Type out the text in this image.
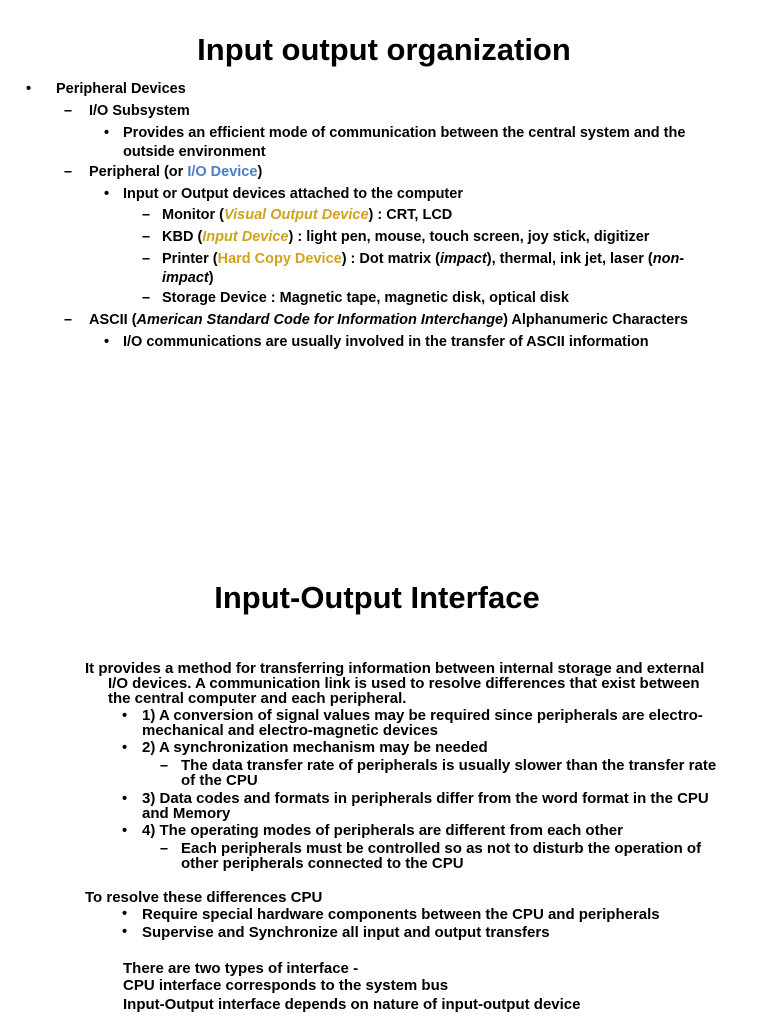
Input output organization
• Peripheral Devices
– I/O Subsystem
• Provides an efficient mode of communication between the central system and the
outside environment
– Peripheral (or I/O Device)
• Input or Output devices attached to the computer
– Monitor (Visual Output Device) : CRT, LCD
– KBD (Input Device) : light pen, mouse, touch screen, joy stick, digitizer
– Printer (Hard Copy Device) : Dot matrix (impact), thermal, ink jet, laser (non-
impact)
– Storage Device : Magnetic tape, magnetic disk, optical disk
– ASCII (American Standard Code for Information Interchange) Alphanumeric Characters
• I/O communications are usually involved in the transfer of ASCII information
Input-Output Interface
It provides a method for transferring information between internal storage and external
I/O devices. A communication link is used to resolve differences that exist between
the central computer and each peripheral.
• 1) A conversion of signal values may be required since peripherals are electro-
mechanical and electro-magnetic devices
• 2) A synchronization mechanism may be needed
– The data transfer rate of peripherals is usually slower than the transfer rate
of the CPU
• 3) Data codes and formats in peripherals differ from the word format in the CPU
and Memory
• 4) The operating modes of peripherals are different from each other
– Each peripherals must be controlled so as not to disturb the operation of
other peripherals connected to the CPU
To resolve these differences CPU
• Require special hardware components between the CPU and peripherals
• Supervise and Synchronize all input and output transfers
There are two types of interface -
CPU interface corresponds to the system bus
Input-Output interface depends on nature of input-output device
